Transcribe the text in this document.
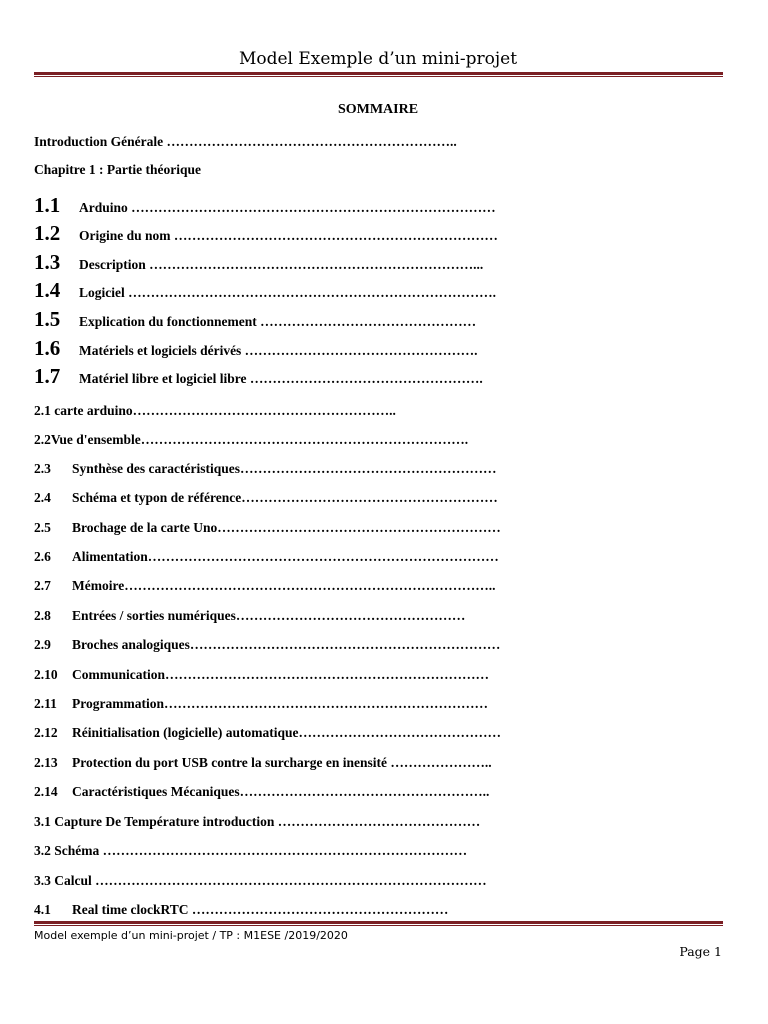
Model Exemple d’un mini-projet
SOMMAIRE
Introduction Générale ………………………………………………………..
Chapitre 1 : Partie théorique
1.1 Arduino ………………………………………………………………………
1.2 Origine du nom ………………………………………………………………
1.3 Description ………………………………………………………………...
1.4 Logiciel ……………………………………………………………………….
1.5 Explication du fonctionnement …………………………………………
1.6 Matériels et logiciels dérivés …………………………………………….
1.7 Matériel libre et logiciel libre …………………………………………….
2.1 carte arduino…………………………………………………..
2.2Vue d'ensemble……………………………………………………………….
2.3 Synthèse des caractéristiques…………………………………………………
2.4 Schéma et typon de référence…………………………………………………
2.5 Brochage de la carte Uno………………………………………………………
2.6 Alimentation……………………………………………………………………
2.7 Mémoire………………………………………………………………………..
2.8 Entrées / sorties numériques……………………………………………
2.9 Broches analogiques……………………………………………………………
2.10 Communication………………………………………………………………
2.11 Programmation………………………………………………………………
2.12 Réinitialisation (logicielle) automatique………………………………………
2.13 Protection du port USB contre la surcharge en inensité …………………..
2.14 Caractéristiques Mécaniques………………………………………………..
3.1 Capture De Température introduction ………………………………………
3.2 Schéma ………………………………………………………………………
3.3 Calcul ……………………………………………………………………………
4.1 Real time clockRTC …………………………………………………
Model exemple d’un mini-projet / TP : M1ESE /2019/2020
Page 1
